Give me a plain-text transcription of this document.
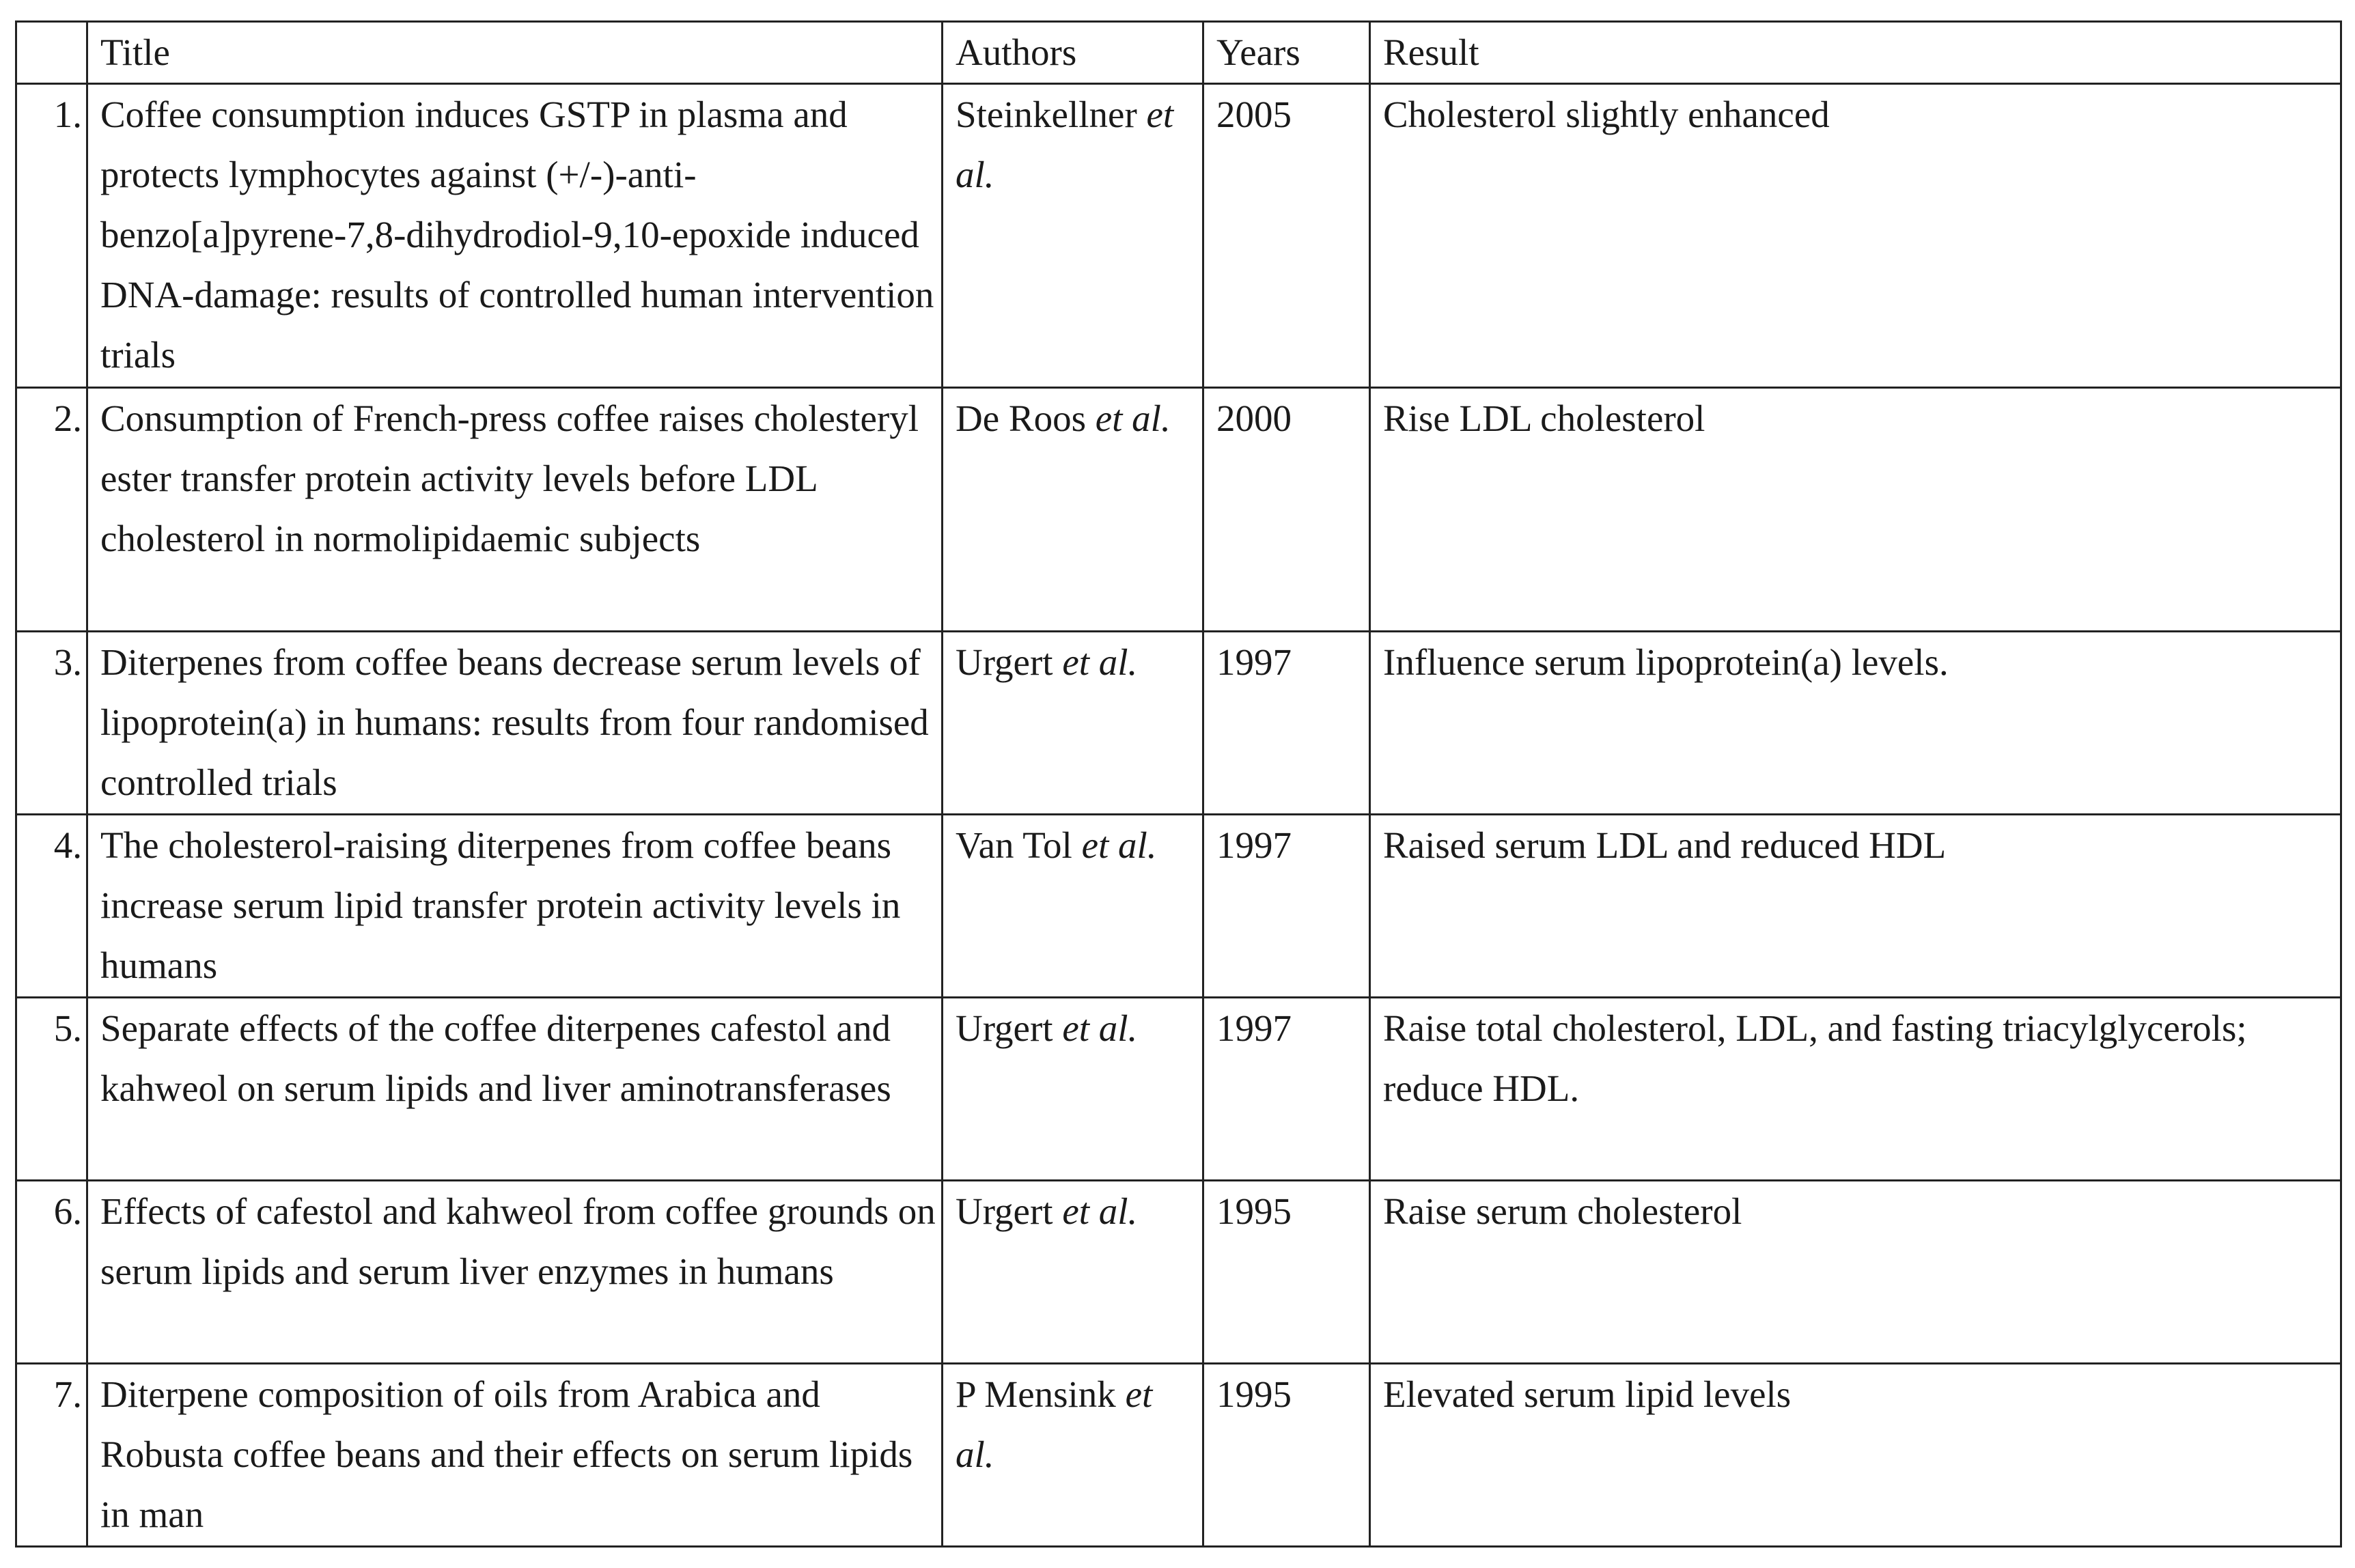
	Title	Authors	Years	Result
1.	Coffee consumption induces GSTP in plasma and protects lymphocytes against (+/-)-anti-benzo[a]pyrene-7,8-dihydrodiol-9,10-epoxide induced DNA-damage: results of controlled human intervention trials	Steinkellner et al.	2005	Cholesterol slightly enhanced
2.	Consumption of French-press coffee raises cholesteryl ester transfer protein activity levels before LDL cholesterol in normolipidaemic subjects	De Roos et al.	2000	Rise LDL cholesterol
3.	Diterpenes from coffee beans decrease serum levels of lipoprotein(a) in humans: results from four randomised controlled trials	Urgert et al.	1997	Influence serum lipoprotein(a) levels.
4.	The cholesterol-raising diterpenes from coffee beans increase serum lipid transfer protein activity levels in humans	Van Tol et al.	1997	Raised serum LDL and reduced HDL
5.	Separate effects of the coffee diterpenes cafestol and kahweol on serum lipids and liver aminotransferases	Urgert et al.	1997	Raise total cholesterol, LDL, and fasting triacylglycerols; reduce HDL.
6.	Effects of cafestol and kahweol from coffee grounds on serum lipids and serum liver enzymes in humans	Urgert et al.	1995	Raise serum cholesterol
7.	Diterpene composition of oils from Arabica and Robusta coffee beans and their effects on serum lipids in man	P Mensink et al.	1995	Elevated serum lipid levels
